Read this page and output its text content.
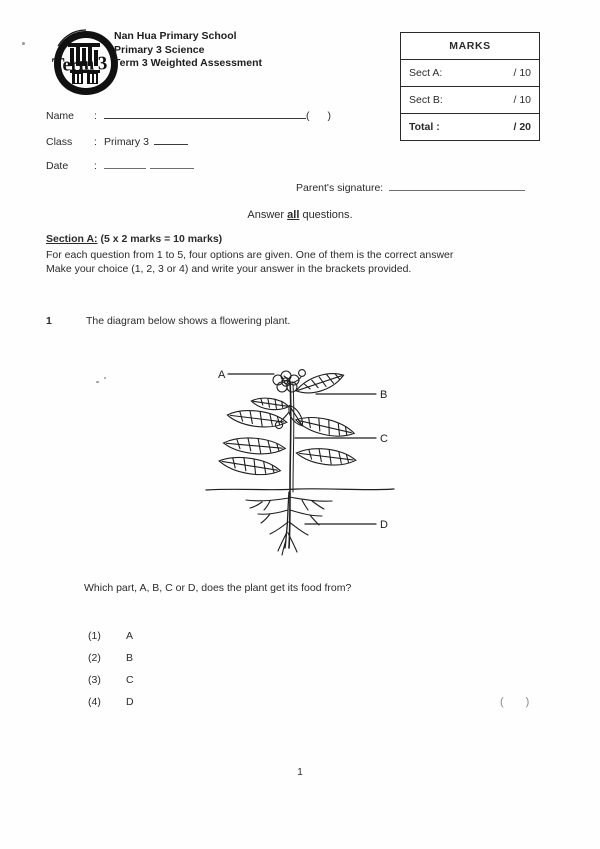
Term 3
Nan Hua Primary School
Primary 3 Science
Term 3 Weighted Assessment
MARKS	
Sect A:	/ 10
Sect B:	/ 10
Total :	/ 20
Name :	( )
Class : Primary 3
Date :
Parent's signature:
Answer all questions.
Section A: (5 x 2 marks = 10 marks)
For each question from 1 to 5, four options are given. One of them is the correct answer
Make your choice (1, 2, 3 or 4) and write your answer in the brackets provided.
1	The diagram below shows a flowering plant.
A
B
C
D
Which part, A, B, C or D, does the plant get its food from?
(1)	A
(2)	B
(3)	C
(4)	D	()
1
